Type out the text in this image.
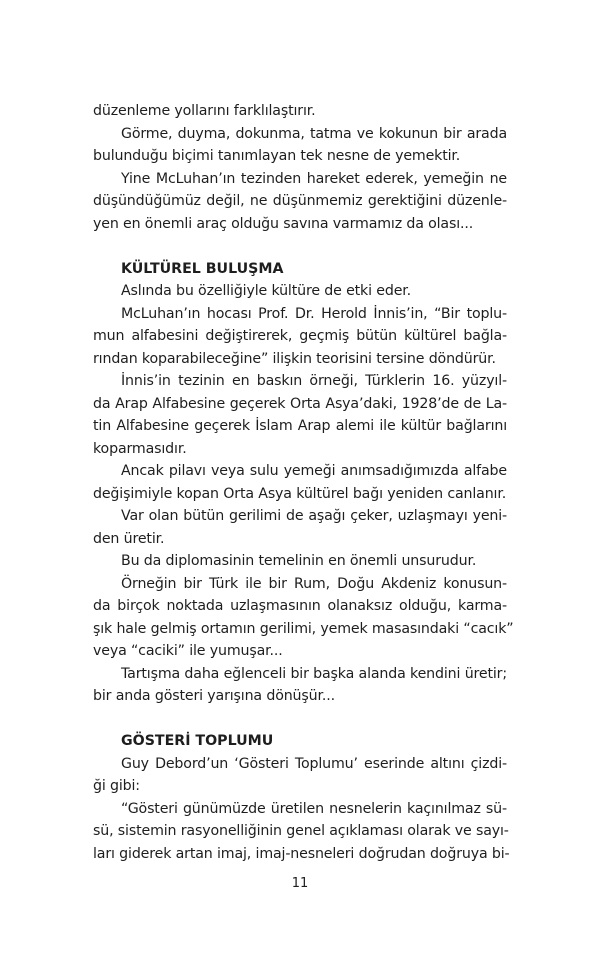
düzenleme yollarını farklılaştırır.
Görme, duyma, dokunma, tatma ve kokunun bir arada
bulunduğu biçimi tanımlayan tek nesne de yemektir.
Yine McLuhan’ın tezinden hareket ederek, yemeğin ne
düşündüğümüz değil, ne düşünmemiz gerektiğini düzenle-
yen en önemli araç olduğu savına varmamız da olası...
KÜLTÜREL BULUŞMA
Aslında bu özelliğiyle kültüre de etki eder.
McLuhan’ın hocası Prof. Dr. Herold İnnis’in, “Bir toplu-
mun alfabesini değiştirerek, geçmiş bütün kültürel bağla-
rından koparabileceğine” ilişkin teorisini tersine döndürür.
İnnis’in tezinin en baskın örneği, Türklerin 16. yüzyıl-
da Arap Alfabesine geçerek Orta Asya’daki, 1928’de de La-
tin Alfabesine geçerek İslam Arap alemi ile kültür bağlarını
koparmasıdır.
Ancak pilavı veya sulu yemeği anımsadığımızda alfabe
değişimiyle kopan Orta Asya kültürel bağı yeniden canlanır.
Var olan bütün gerilimi de aşağı çeker, uzlaşmayı yeni-
den üretir.
Bu da diplomasinin temelinin en önemli unsurudur.
Örneğin bir Türk ile bir Rum, Doğu Akdeniz konusun-
da birçok noktada uzlaşmasının olanaksız olduğu, karma-
şık hale gelmiş ortamın gerilimi, yemek masasındaki “cacık”
veya “caciki” ile yumuşar...
Tartışma daha eğlenceli bir başka alanda kendini üretir;
bir anda gösteri yarışına dönüşür...
GÖSTERİ TOPLUMU
Guy Debord’un ‘Gösteri Toplumu’ eserinde altını çizdi-
ği gibi:
“Gösteri günümüzde üretilen nesnelerin kaçınılmaz sü-
sü, sistemin rasyonelliğinin genel açıklaması olarak ve sayı-
ları giderek artan imaj, imaj-nesneleri doğrudan doğruya bi-
11
